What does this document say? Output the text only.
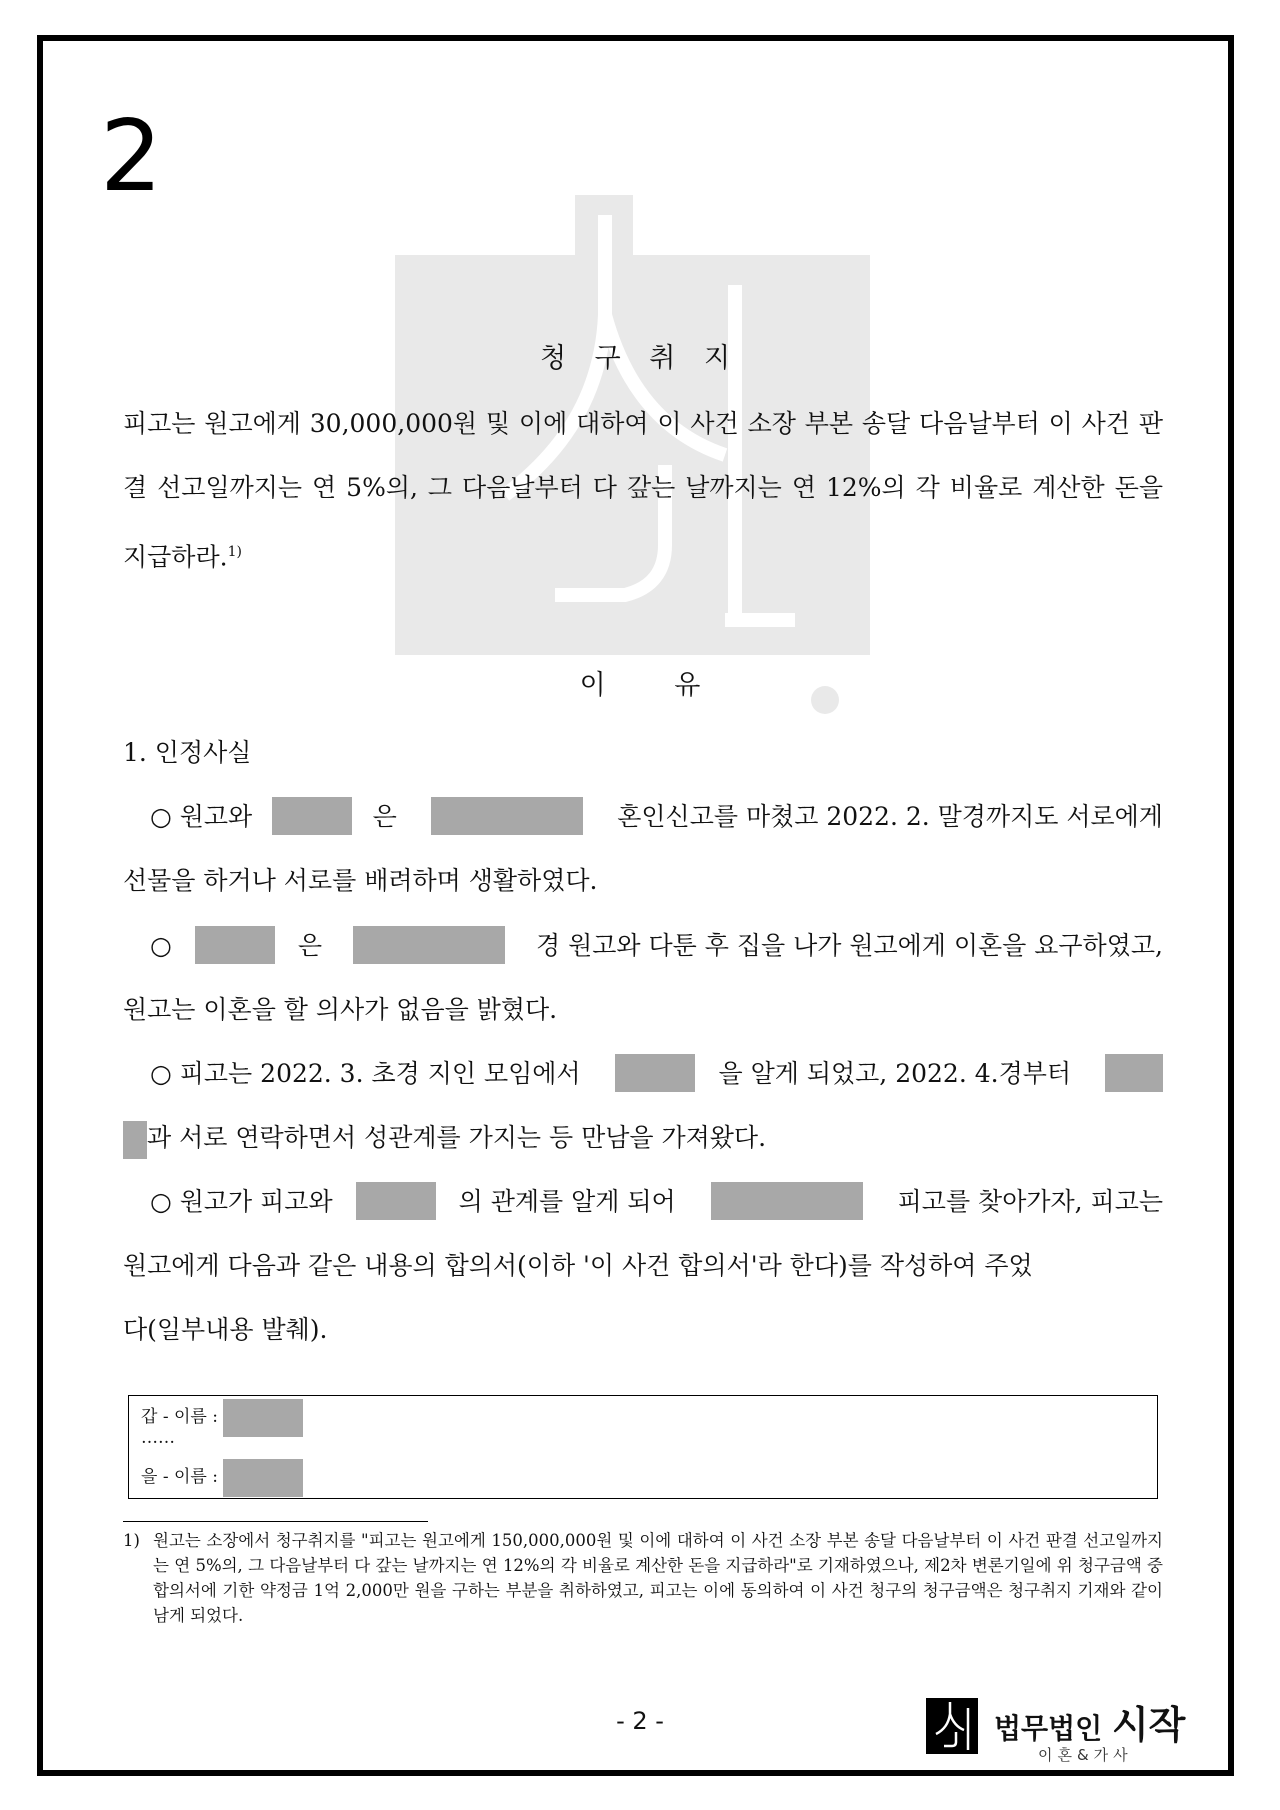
2
청 구 취 지
피고는 원고에게 30,000,000원 및 이에 대하여 이 사건 소장 부본 송달 다음날부터 이 사건 판결 선고일까지는 연 5%의, 그 다음날부터 다 갚는 날까지는 연 12%의 각 비율로 계산한 돈을 지급하라.$^{1)}$
이 유
1. 인정사실
○ 원고와	은	혼인신고를 마쳤고 2022. 2. 말경까지도 서로에게
선물을 하거나 서로를 배려하며 생활하였다.
○	은	경 원고와 다툰 후 집을 나가 원고에게 이혼을 요구하였고,
원고는 이혼을 할 의사가 없음을 밝혔다.
○ 피고는 2022. 3. 초경 지인 모임에서	을 알게 되었고, 2022. 4.경부터
과 서로 연락하면서 성관계를 가지는 등 만남을 가져왔다.
○ 원고가 피고와	의 관계를 알게 되어	피고를 찾아가자, 피고는
원고에게 다음과 같은 내용의 합의서(이하 '이 사건 합의서'라 한다)를 작성하여 주었
다(일부내용 발췌).
갑 - 이름 :
……
을 - 이름 :
1) 원고는 소장에서 청구취지를 "피고는 원고에게 150,000,000원 및 이에 대하여 이 사건 소장 부본 송달 다음날부터 이 사건 판결 선고일까지는 연 5%의, 그 다음날부터 다 갚는 날까지는 연 12%의 각 비율로 계산한 돈을 지급하라"로 기재하였으나, 제2차 변론기일에 위 청구금액 중 합의서에 기한 약정금 1억 2,000만 원을 구하는 부분을 취하하였고, 피고는 이에 동의하여 이 사건 청구의 청구금액은 청구취지 기재와 같이 남게 되었다.
- 2 -	법무법인 시작
이혼&가사
